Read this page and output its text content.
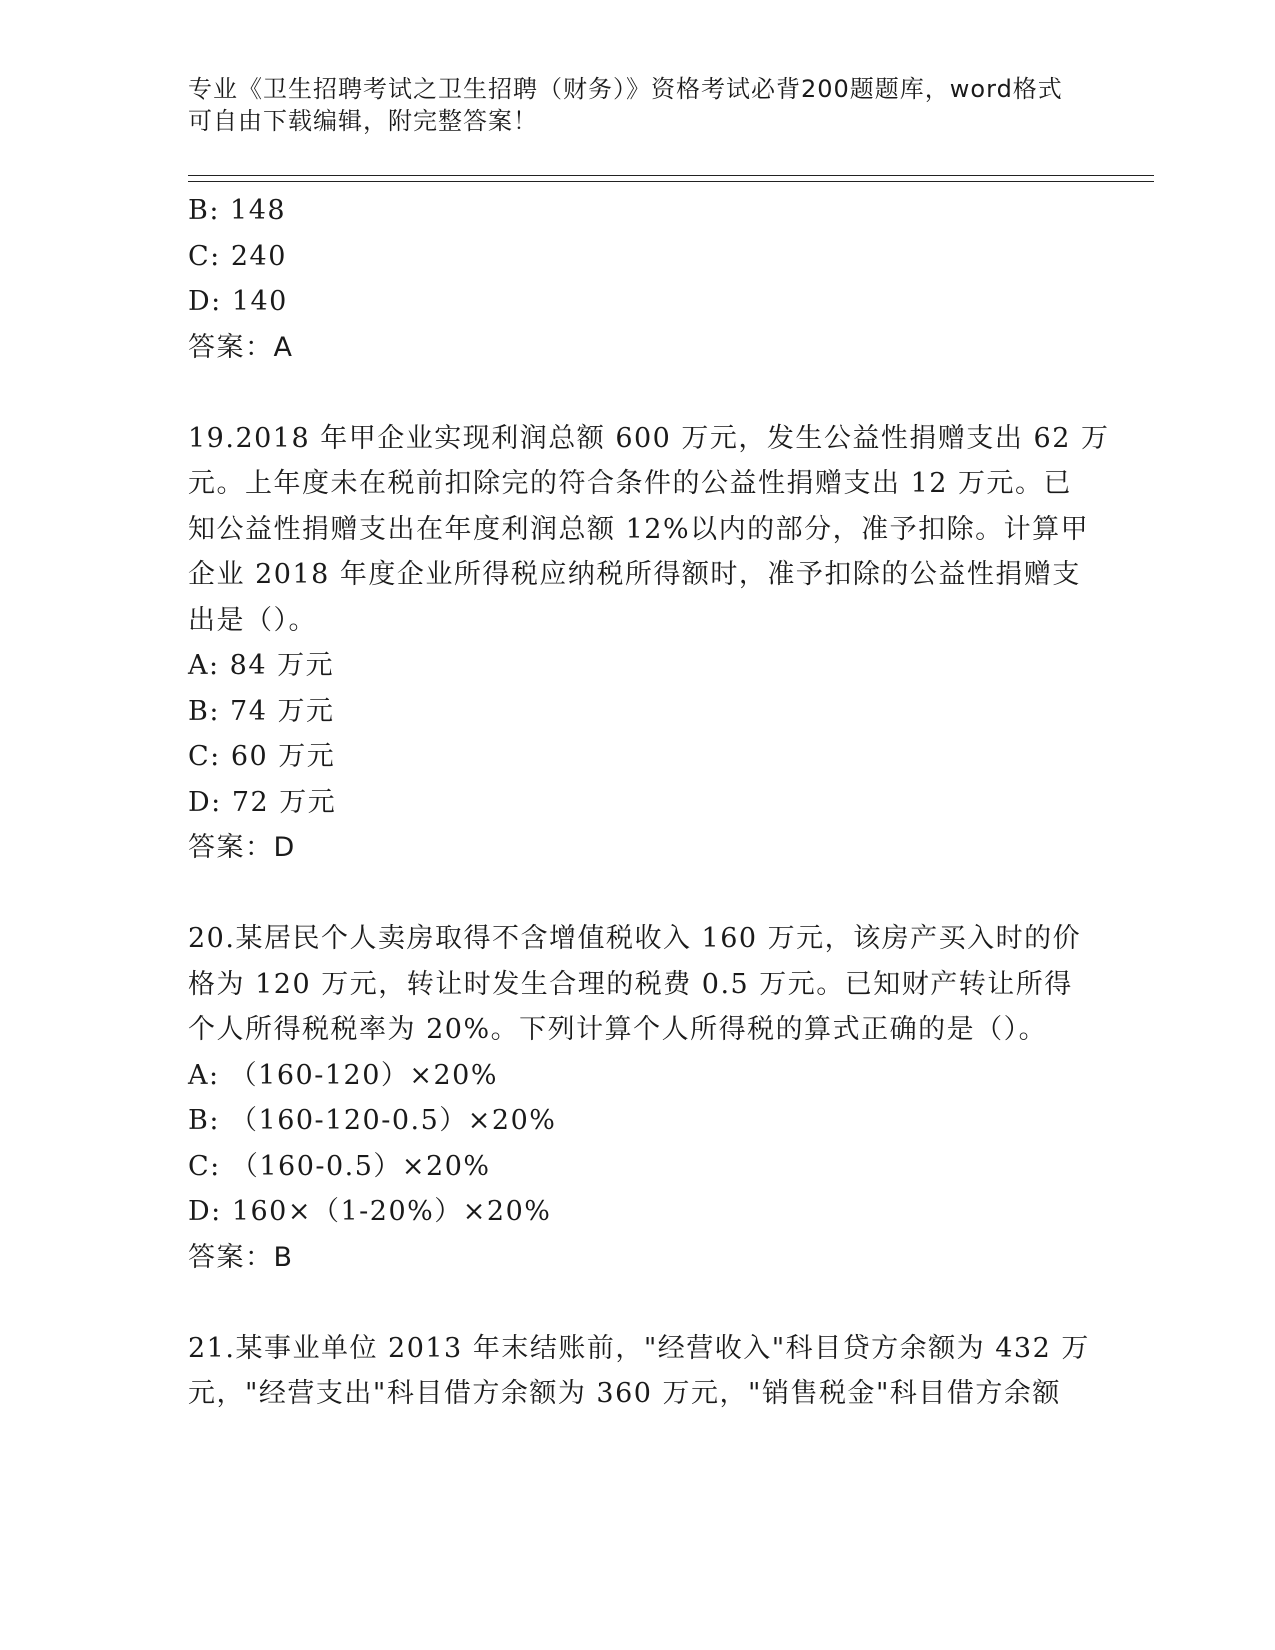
专业《卫生招聘考试之卫生招聘（财务）》资格考试必背200题题库，word格式
可自由下载编辑，附完整答案！
B: 148
C: 240
D: 140
答案：A
19.2018 年甲企业实现利润总额 600 万元，发生公益性捐赠支出 62 万
元。上年度未在税前扣除完的符合条件的公益性捐赠支出 12 万元。已
知公益性捐赠支出在年度利润总额 12%以内的部分，准予扣除。计算甲
企业 2018 年度企业所得税应纳税所得额时，准予扣除的公益性捐赠支
出是（）。
A: 84 万元
B: 74 万元
C: 60 万元
D: 72 万元
答案：D
20.某居民个人卖房取得不含增值税收入 160 万元，该房产买入时的价
格为 120 万元，转让时发生合理的税费 0.5 万元。已知财产转让所得
个人所得税税率为 20%。下列计算个人所得税的算式正确的是（）。
A: （160-120）×20%
B: （160-120-0.5）×20%
C: （160-0.5）×20%
D: 160×（1-20%）×20%
答案：B
21.某事业单位 2013 年末结账前，"经营收入"科目贷方余额为 432 万
元，"经营支出"科目借方余额为 360 万元，"销售税金"科目借方余额
